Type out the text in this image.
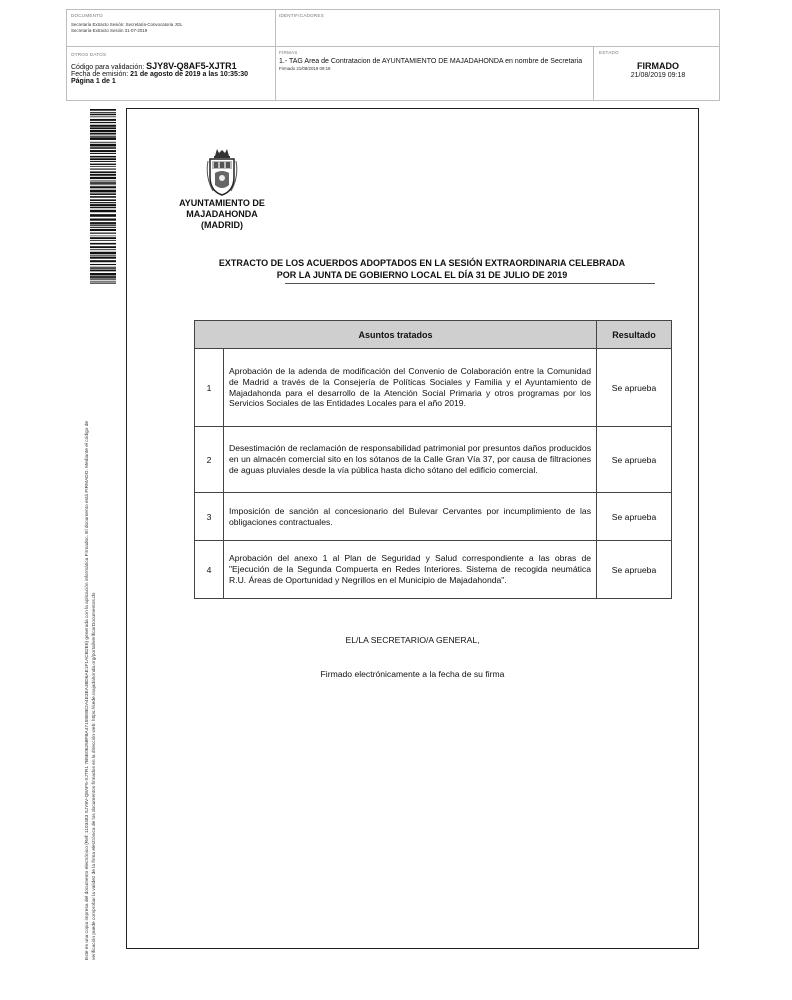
DOCUMENTO
Secretaría Extracto Sesión: Secretaría-Convocatoria JGL
Secretaría-Extracto Sesión 31-07-2019
IDENTIFICADORES
OTROS DATOS
Código para validación: SJY8V-Q8AF5-XJTR1
Fecha de emisión: 21 de agosto de 2019 a las 10:35:30
Página 1 de 1
FIRMAS
1.- TAG Area de Contratacion de AYUNTAMIENTO DE MAJADAHONDA en nombre de Secretaria
Firmado 21/08/2019 09:18
ESTADO
FIRMADO
21/08/2019 09:18
Este es una copia impresa del documento electrónico (Ref: 1103483 SJY8V-Q8AF5-XJTR1 7B5E06258FBA47159E8E2A4E3EA38D6AE1F1ACB2E6) generada con la aplicación informática Firmadoc. El documento está FIRMADO. Mediante el código de verificación puede comprobar la validez de la firma electrónica de los documentos firmados en la dirección web: https://sede.majadahonda.org/portal/verificarDocumentos.do
AYUNTAMIENTO DE
MAJADAHONDA
(MADRID)
EXTRACTO DE LOS ACUERDOS ADOPTADOS EN LA SESIÓN EXTRAORDINARIA CELEBRADA
POR LA JUNTA DE GOBIERNO LOCAL EL DÍA 31 DE JULIO DE 2019
Asuntos tratados		Resultado
1	Aprobación de la adenda de modificación del Convenio de Colaboración entre la Comunidad de Madrid a través de la Consejería de Políticas Sociales y Familia y el Ayuntamiento de Majadahonda para el desarrollo de la Atención Social Primaria y otros programas por los Servicios Sociales de las Entidades Locales para el año 2019.	Se aprueba
2	Desestimación de reclamación de responsabilidad patrimonial por presuntos daños producidos en un almacén comercial sito en los sótanos de la Calle Gran Vía 37, por causa de filtraciones de aguas pluviales desde la vía pública hasta dicho sótano del edificio comercial.	Se aprueba
3	Imposición de sanción al concesionario del Bulevar Cervantes por incumplimiento de las obligaciones contractuales.	Se aprueba
4	Aprobación del anexo 1 al Plan de Seguridad y Salud correspondiente a las obras de "Ejecución de la Segunda Compuerta en Redes Interiores. Sistema de recogida neumática R.U. Áreas de Oportunidad y Negrillos en el Municipio de Majadahonda".	Se aprueba
EL/LA SECRETARIO/A GENERAL,
Firmado electrónicamente a la fecha de su firma
